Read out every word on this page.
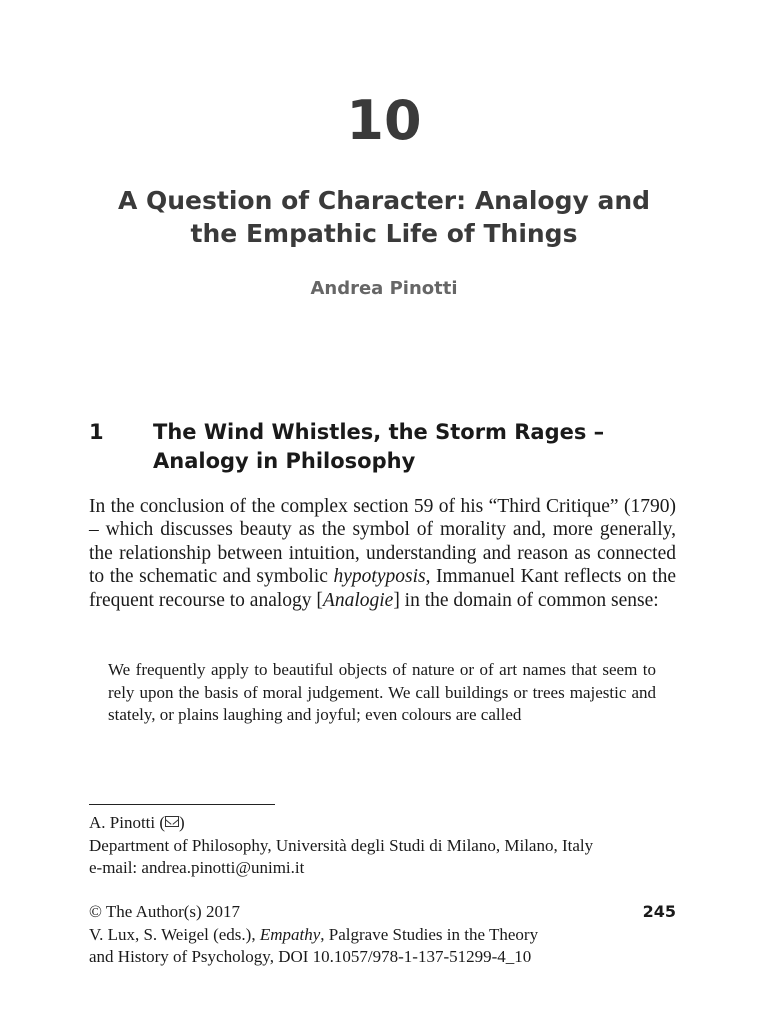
10
A Question of Character: Analogy and
the Empathic Life of Things
Andrea Pinotti
1 The Wind Whistles, the Storm Rages –
Analogy in Philosophy
In the conclusion of the complex section 59 of his “Third Critique” (1790) – which discusses beauty as the symbol of morality and, more generally, the relationship between intuition, understanding and reason as connected to the schematic and symbolic hypotyposis, Immanuel Kant reflects on the frequent recourse to analogy [Analogie] in the domain of common sense:
We frequently apply to beautiful objects of nature or of art names that seem to rely upon the basis of moral judgement. We call buildings or trees majestic and stately, or plains laughing and joyful; even colours are called
A. Pinotti ( )
Department of Philosophy, Università degli Studi di Milano, Milano, Italy
e-mail: andrea.pinotti@unimi.it
© The Author(s) 2017
V. Lux, S. Weigel (eds.), Empathy, Palgrave Studies in the Theory
and History of Psychology, DOI 10.1057/978-1-137-51299-4_10
245
